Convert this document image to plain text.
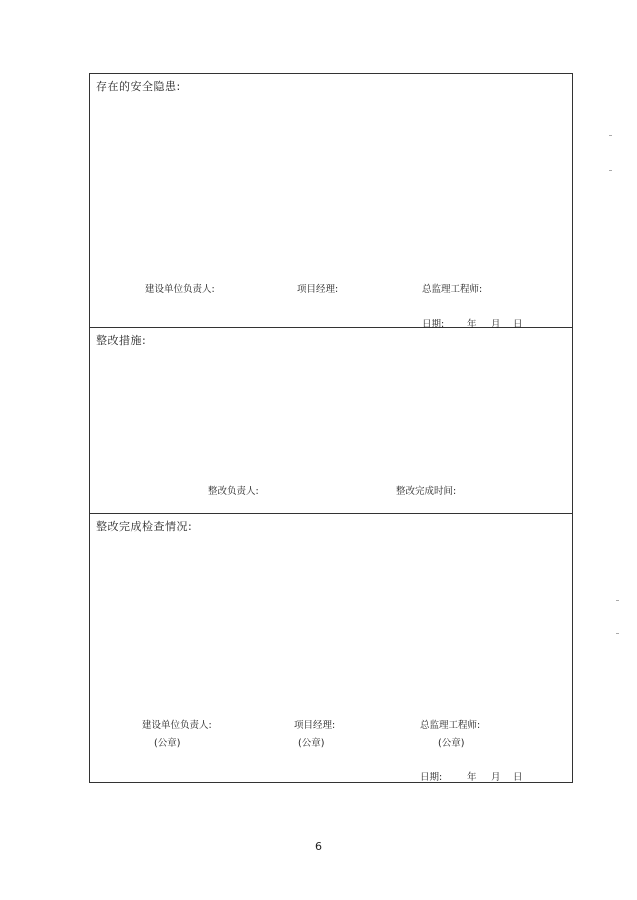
存在的安全隐患:
建设单位负责人:	项目经理:	总监理工程师:
日期: 年 月 日
整改措施:
整改负责人:	整改完成时间:
整改完成检查情况:
建设单位负责人:	项目经理:	总监理工程师:
(公章)	(公章)	(公章)
日期:	年 月 日
6
